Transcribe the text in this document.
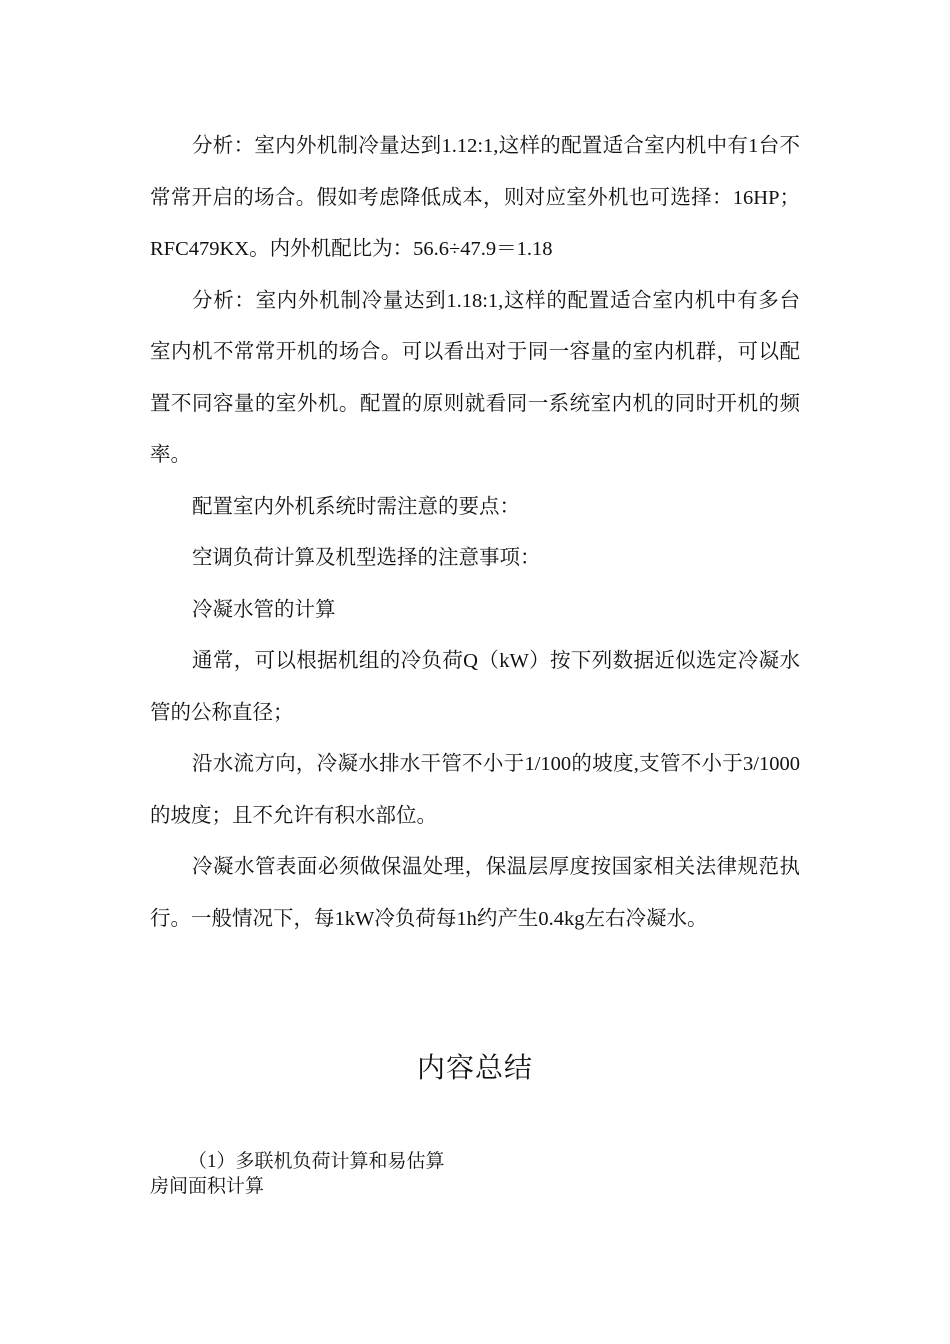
分析：室内外机制冷量达到1.12:1,这样的配置适合室内机中有1台不常常开启的场合。假如考虑降低成本，则对应室外机也可选择：16HP；RFC479KX。内外机配比为：56.6÷47.9＝1.18

分析：室内外机制冷量达到1.18:1,这样的配置适合室内机中有多台室内机不常常开机的场合。可以看出对于同一容量的室内机群，可以配置不同容量的室外机。配置的原则就看同一系统室内机的同时开机的频率。

配置室内外机系统时需注意的要点：

空调负荷计算及机型选择的注意事项：

冷凝水管的计算

通常，可以根据机组的冷负荷Q（kW）按下列数据近似选定冷凝水管的公称直径；

沿水流方向，冷凝水排水干管不小于1/100的坡度,支管不小于3/1000的坡度；且不允许有积水部位。

冷凝水管表面必须做保温处理，保温层厚度按国家相关法律规范执行。一般情况下，每1kW冷负荷每1h约产生0.4kg左右冷凝水。

内容总结
（1）多联机负荷计算和易估算
房间面积计算
